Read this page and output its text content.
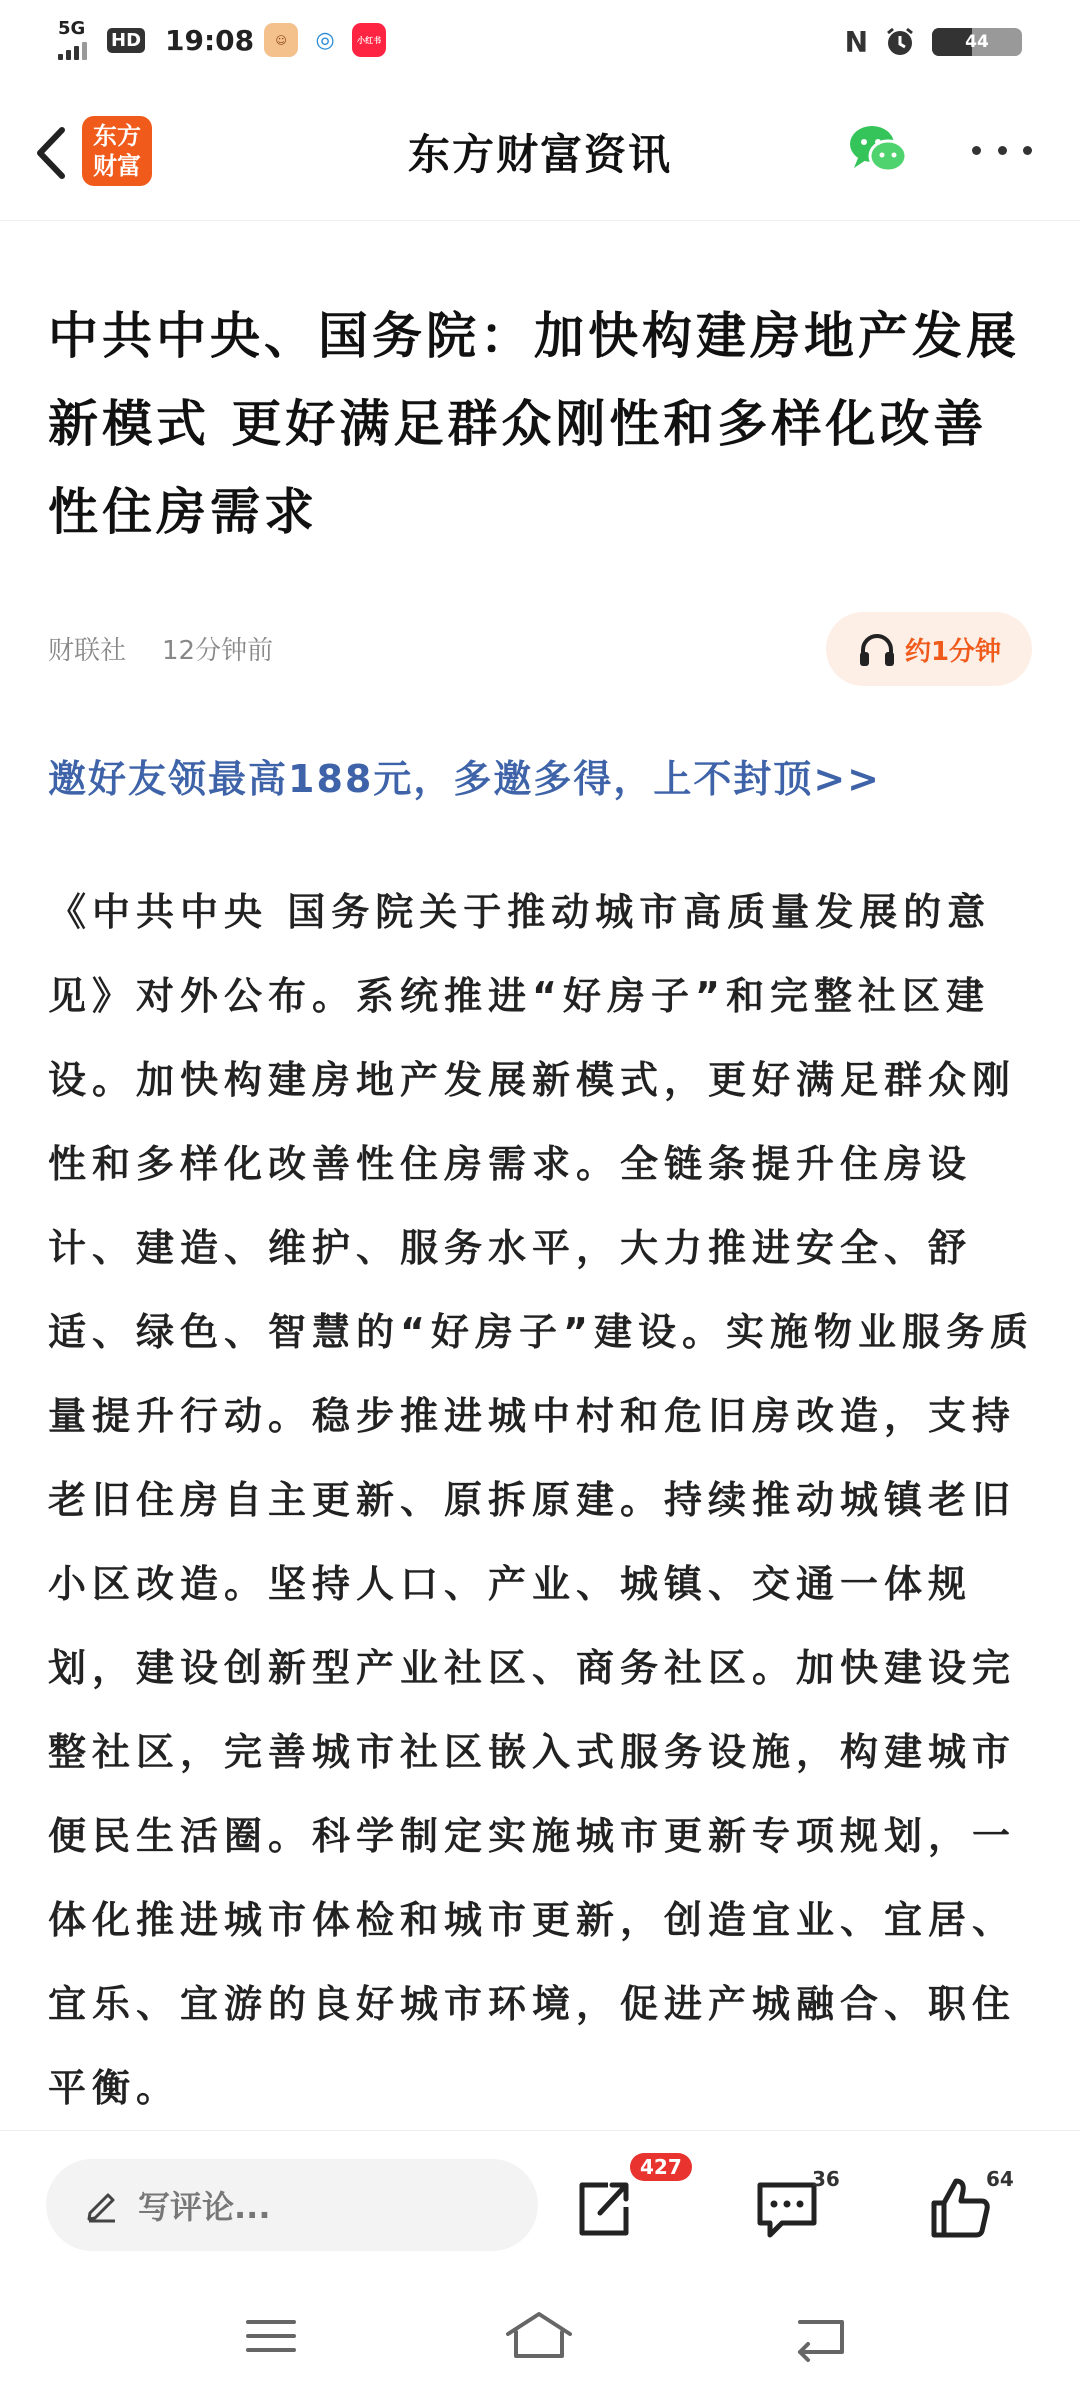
5G
HD 19:08	☺	◎	小红书	Ν	44
东方
财富	东方财富资讯
中共中央、国务院：加快构建房地产发展新模式 更好满足群众刚性和多样化改善性住房需求
财联社 12分钟前	约1分钟
邀好友领最高188元，多邀多得，上不封顶>>

《中共中央 国务院关于推动城市高质量发展的意见》对外公布。系统推进“好房子”和完整社区建设。加快构建房地产发展新模式，更好满足群众刚性和多样化改善性住房需求。全链条提升住房设计、建造、维护、服务水平，大力推进安全、舒适、绿色、智慧的“好房子”建设。实施物业服务质量提升行动。稳步推进城中村和危旧房改造，支持老旧住房自主更新、原拆原建。持续推动城镇老旧小区改造。坚持人口、产业、城镇、交通一体规划，建设创新型产业社区、商务社区。加快建设完整社区，完善城市社区嵌入式服务设施，构建城市便民生活圈。科学制定实施城市更新专项规划，一体化推进城市体检和城市更新，创造宜业、宜居、宜乐、宜游的良好城市环境，促进产城融合、职住平衡。

写评论...
427	36	64
